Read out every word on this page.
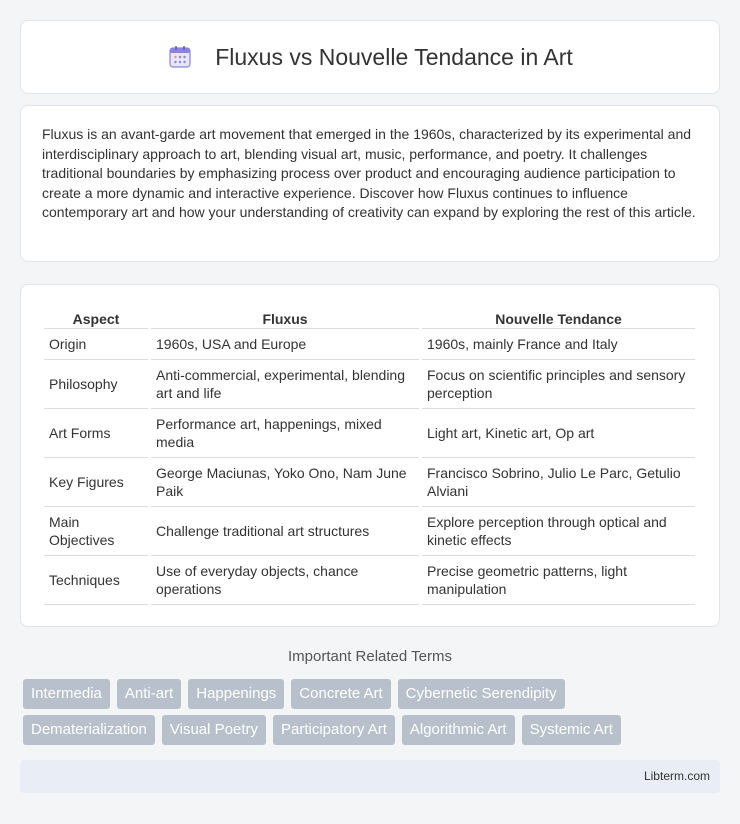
Fluxus vs Nouvelle Tendance in Art

Fluxus is an avant-garde art movement that emerged in the 1960s, characterized by its experimental and interdisciplinary approach to art, blending visual art, music, performance, and poetry. It challenges traditional boundaries by emphasizing process over product and encouraging audience participation to create a more dynamic and interactive experience. Discover how Fluxus continues to influence contemporary art and how your understanding of creativity can expand by exploring the rest of this article.

Aspect	Fluxus	Nouvelle Tendance
Origin	1960s, USA and Europe	1960s, mainly France and Italy
Philosophy	Anti-commercial, experimental, blending art and life	Focus on scientific principles and sensory perception
Art Forms	Performance art, happenings, mixed media	Light art, Kinetic art, Op art
Key Figures	George Maciunas, Yoko Ono, Nam June Paik	Francisco Sobrino, Julio Le Parc, Getulio Alviani
Main Objectives	Challenge traditional art structures	Explore perception through optical and kinetic effects
Techniques	Use of everyday objects, chance operations	Precise geometric patterns, light manipulation
Important Related Terms
Intermedia	Anti-art	Happenings	Concrete Art	Cybernetic Serendipity
Dematerialization	Visual Poetry	Participatory Art	Algorithmic Art	Systemic Art
Libterm.com
